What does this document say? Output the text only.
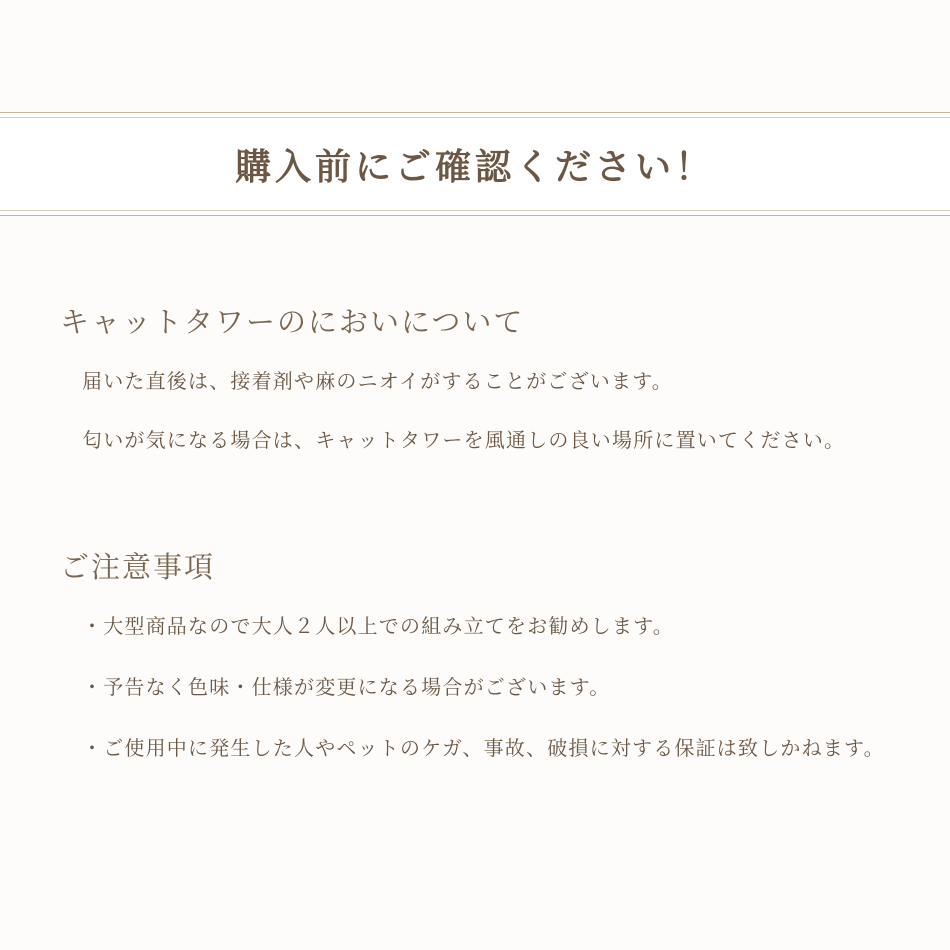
購入前にご確認ください！
キャットタワーのにおいについて

届いた直後は、接着剤や麻のニオイがすることがございます。

匂いが気になる場合は、キャットタワーを風通しの良い場所に置いてください。

ご注意事項

・大型商品なので大人２人以上での組み立てをお勧めします。

・予告なく色味・仕様が変更になる場合がございます。

・ご使用中に発生した人やペットのケガ、事故、破損に対する保証は致しかねます。
